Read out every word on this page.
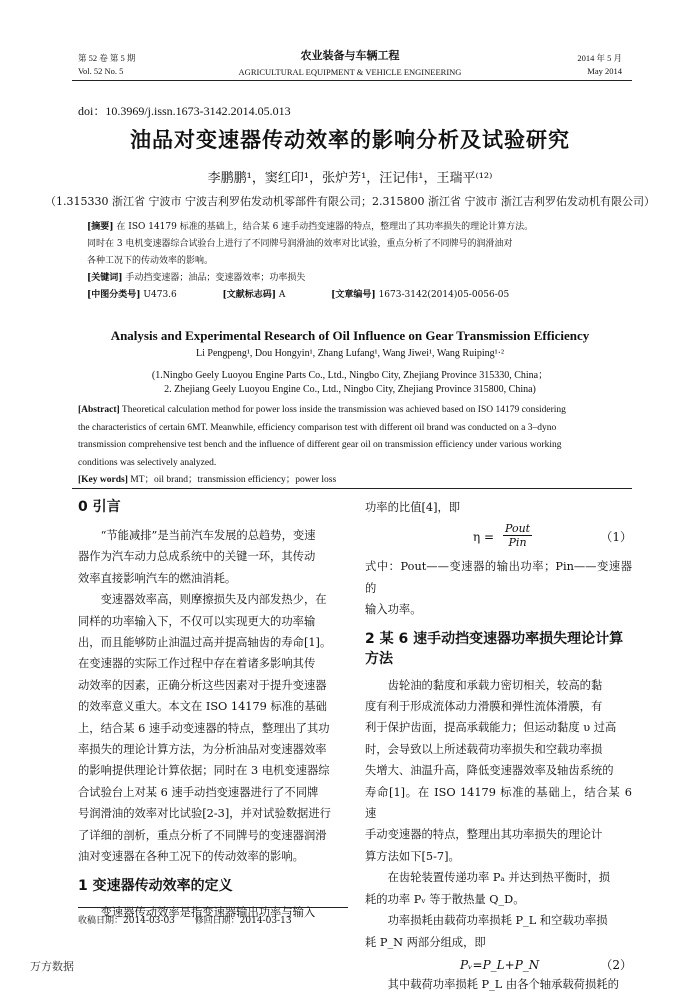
第 52 卷 第 5 期
Vol. 52 No. 5
农业装备与车辆工程
AGRICULTURAL EQUIPMENT & VEHICLE ENGINEERING
2014 年 5 月
May 2014
doi：10.3969/j.issn.1673-3142.2014.05.013
油品对变速器传动效率的影响分析及试验研究
李鹏鹏¹，窦红印¹，张炉芳¹，汪记伟¹，王瑞平⁽¹²⁾
（1.315330 浙江省 宁波市 宁波吉利罗佑发动机零部件有限公司；2.315800 浙江省 宁波市 浙江吉利罗佑发动机有限公司）
[摘要] 在 ISO 14179 标准的基础上，结合某 6 速手动挡变速器的特点，整理出了其功率损失的理论计算方法。
同时在 3 电机变速器综合试验台上进行了不同牌号润滑油的效率对比试验，重点分析了不同牌号的润滑油对
各种工况下的传动效率的影响。
[关键词] 手动挡变速器；油品；变速器效率；功率损失
[中图分类号] U473.6	[文献标志码] A	[文章编号] 1673-3142(2014)05-0056-05
Analysis and Experimental Research of Oil Influence on Gear Transmission Efficiency
Li Pengpeng¹, Dou Hongyin¹, Zhang Lufang¹, Wang Jiwei¹, Wang Ruiping¹·²
(1.Ningbo Geely Luoyou Engine Parts Co., Ltd., Ningbo City, Zhejiang Province 315330, China；
2. Zhejiang Geely Luoyou Engine Co., Ltd., Ningbo City, Zhejiang Province 315800, China)
[Abstract] Theoretical calculation method for power loss inside the transmission was achieved based on ISO 14179 considering
the characteristics of certain 6MT. Meanwhile, efficiency comparison test with different oil brand was conducted on a 3–dyno
transmission comprehensive test bench and the influence of different gear oil on transmission efficiency under various working
conditions was selectively analyzed.
[Key words] MT；oil brand；transmission efficiency；power loss
0 引言

“节能减排”是当前汽车发展的总趋势，变速

器作为汽车动力总成系统中的关键一环，其传动

效率直接影响汽车的燃油消耗。

变速器效率高，则摩擦损失及内部发热少，在

同样的功率输入下，不仅可以实现更大的功率输

出，而且能够防止油温过高并提高轴齿的寿命[1]。

在变速器的实际工作过程中存在着诸多影响其传

动效率的因素，正确分析这些因素对于提升变速器

的效率意义重大。本文在 ISO 14179 标准的基础

上，结合某 6 速手动变速器的特点，整理出了其功

率损失的理论计算方法，为分析油品对变速器效率

的影响提供理论计算依据；同时在 3 电机变速器综

合试验台上对某 6 速手动挡变速器进行了不同牌

号润滑油的效率对比试验[2-3]，并对试验数据进行

了详细的剖析，重点分析了不同牌号的变速器润滑

油对变速器在各种工况下的传动效率的影响。

1 变速器传动效率的定义

变速器传动效率是指变速器输出功率与输入

收稿日期：2014-03-03 修回日期：2014-03-13

功率的比值[4]，即

η =
Pout
Pin	（1）

式中：Pout——变速器的输出功率；Pin——变速器的

输入功率。

2 某 6 速手动挡变速器功率损失理论计算
方法

齿轮油的黏度和承载力密切相关，较高的黏

度有利于形成流体动力滑膜和弹性流体滑膜，有

利于保护齿面，提高承载能力；但运动黏度 υ 过高

时，会导致以上所述载荷功率损失和空载功率损

失增大、油温升高，降低变速器效率及轴齿系统的

寿命[1]。在 ISO 14179 标准的基础上，结合某 6 速

手动变速器的特点，整理出其功率损失的理论计

算方法如下[5-7]。

在齿轮装置传递功率 Pₐ 并达到热平衡时，损

耗的功率 Pᵥ 等于散热量 Q_D。

功率损耗由载荷功率损耗 P_L 和空载功率损

耗 P_N 两部分组成，即

Pᵥ=P_L+P_N	（2）

其中载荷功率损耗 P_L 由各个轴承载荷损耗的

万方数据
